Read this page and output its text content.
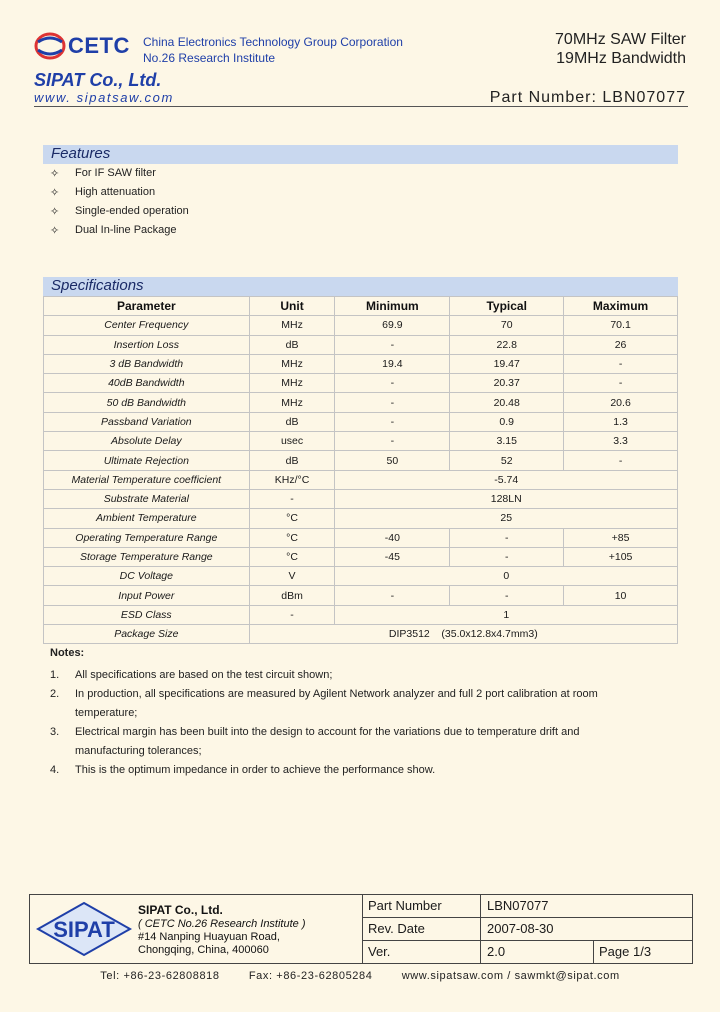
CETC China Electronics Technology Group Corporation
No.26 Research Institute
SIPAT Co., Ltd.
www. sipatsaw.com
70MHz SAW Filter
19MHz Bandwidth
Part Number: LBN07077
Features
✧ For IF SAW filter
✧ High attenuation
✧ Single-ended operation
✧ Dual In-line Package
Specifications
Parameter	Unit	Minimum	Typical	Maximum
Center Frequency	MHz	69.9	70	70.1
Insertion Loss	dB	-	22.8	26
3 dB Bandwidth	MHz	19.4	19.47	-
40dB Bandwidth	MHz	-	20.37	-
50 dB Bandwidth	MHz	-	20.48	20.6
Passband Variation	dB	-	0.9	1.3
Absolute Delay	usec	-	3.15	3.3
Ultimate Rejection	dB	50	52	-
Material Temperature coefficient	KHz/°C	-5.74		
Substrate Material	-	128LN		
Ambient Temperature	°C	25		
Operating Temperature Range	°C	-40	-	+85
Storage Temperature Range	°C	-45	-	+105
DC Voltage	V	0		
Input Power	dBm	-	-	10
ESD Class	-	1		
Package Size	DIP3512    (35.0x12.8x4.7mm3)			
Notes:
1. All specifications are based on the test circuit shown;
2. In production, all specifications are measured by Agilent Network analyzer and full 2 port calibration at room temperature;
3. Electrical margin has been built into the design to account for the variations due to temperature drift and manufacturing tolerances;
4. This is the optimum impedance in order to achieve the performance show.
SIPAT
SIPAT Co., Ltd.
( CETC No.26 Research Institute )
#14 Nanping Huayuan Road,
Chongqing, China, 400060
Part Number	LBN07077
Rev. Date	2007-08-30
Ver.	2.0	Page 1/3
Tel: +86-23-62808818        Fax: +86-23-62805284        www.sipatsaw.com / sawmkt@sipat.com
